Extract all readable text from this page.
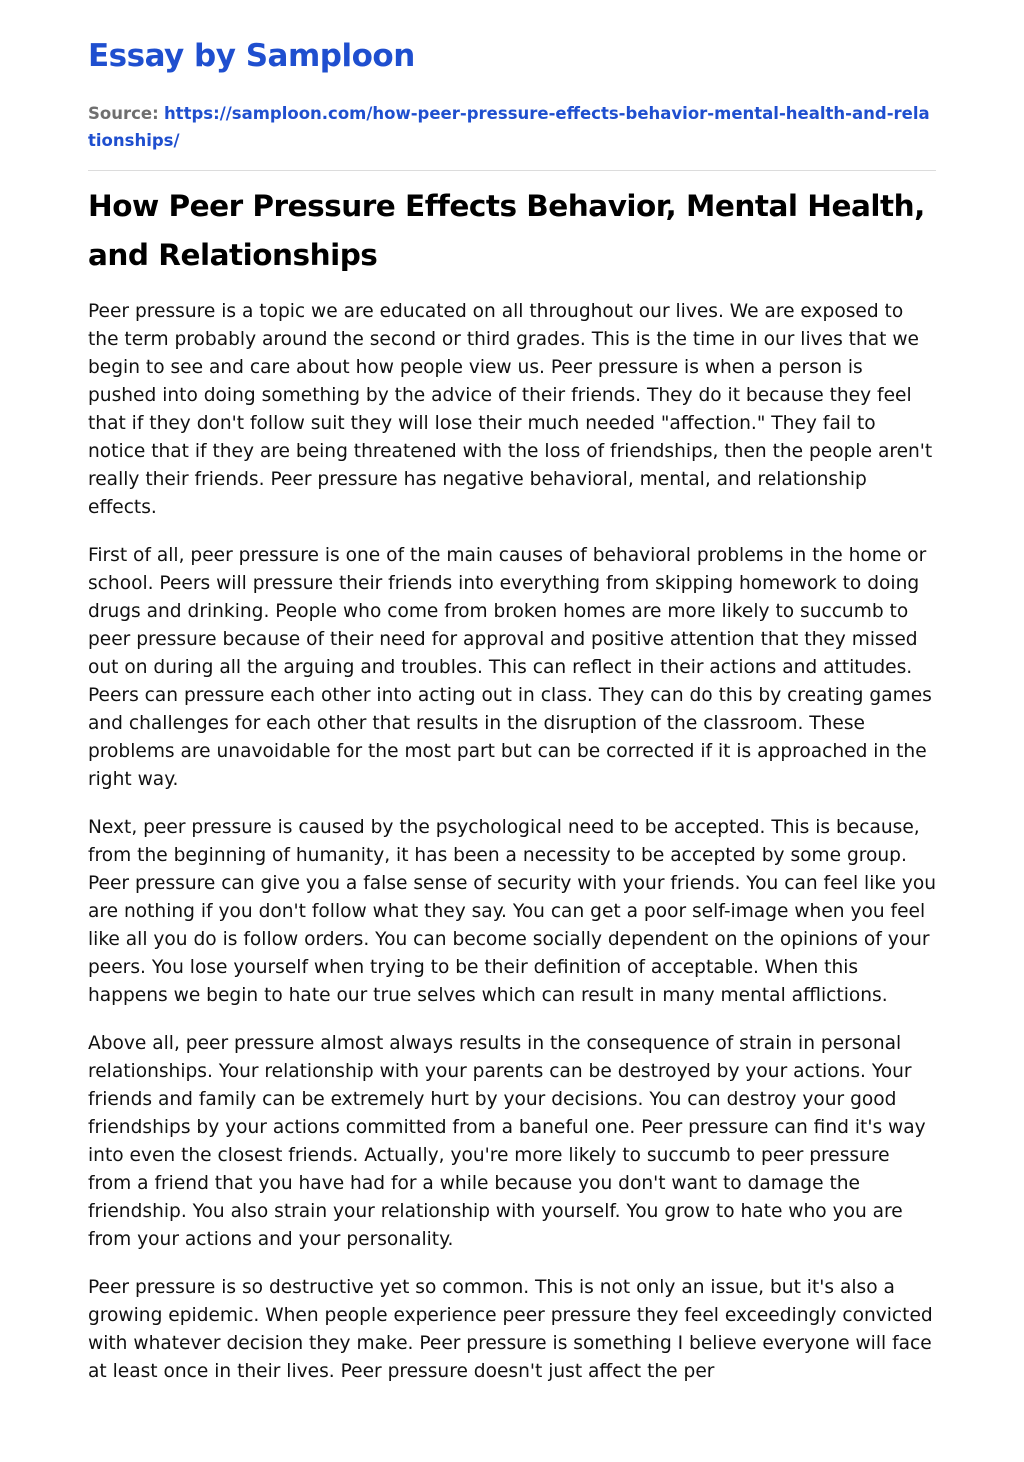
Essay by Samploon
Source: https://samploon.com/how-peer-pressure-effects-behavior-mental-health-and-relationships/
How Peer Pressure Effects Behavior, Mental Health, and Relationships

Peer pressure is a topic we are educated on all throughout our lives. We are exposed to the term probably around the second or third grades. This is the time in our lives that we begin to see and care about how people view us. Peer pressure is when a person is pushed into doing something by the advice of their friends. They do it because they feel that if they don't follow suit they will lose their much needed "affection." They fail to notice that if they are being threatened with the loss of friendships, then the people aren't really their friends. Peer pressure has negative behavioral, mental, and relationship effects.

First of all, peer pressure is one of the main causes of behavioral problems in the home or school. Peers will pressure their friends into everything from skipping homework to doing drugs and drinking. People who come from broken homes are more likely to succumb to peer pressure because of their need for approval and positive attention that they missed out on during all the arguing and troubles. This can reflect in their actions and attitudes. Peers can pressure each other into acting out in class. They can do this by creating games and challenges for each other that results in the disruption of the classroom. These problems are unavoidable for the most part but can be corrected if it is approached in the right way.

Next, peer pressure is caused by the psychological need to be accepted. This is because, from the beginning of humanity, it has been a necessity to be accepted by some group. Peer pressure can give you a false sense of security with your friends. You can feel like you are nothing if you don't follow what they say. You can get a poor self-image when you feel like all you do is follow orders. You can become socially dependent on the opinions of your peers. You lose yourself when trying to be their definition of acceptable. When this happens we begin to hate our true selves which can result in many mental afflictions.

Above all, peer pressure almost always results in the consequence of strain in personal relationships. Your relationship with your parents can be destroyed by your actions. Your friends and family can be extremely hurt by your decisions. You can destroy your good friendships by your actions committed from a baneful one. Peer pressure can find it's way into even the closest friends. Actually, you're more likely to succumb to peer pressure from a friend that you have had for a while because you don't want to damage the friendship. You also strain your relationship with yourself. You grow to hate who you are from your actions and your personality.

Peer pressure is so destructive yet so common. This is not only an issue, but it's also a growing epidemic. When people experience peer pressure they feel exceedingly convicted with whatever decision they make. Peer pressure is something I believe everyone will face at least once in their lives. Peer pressure doesn't just affect the per
